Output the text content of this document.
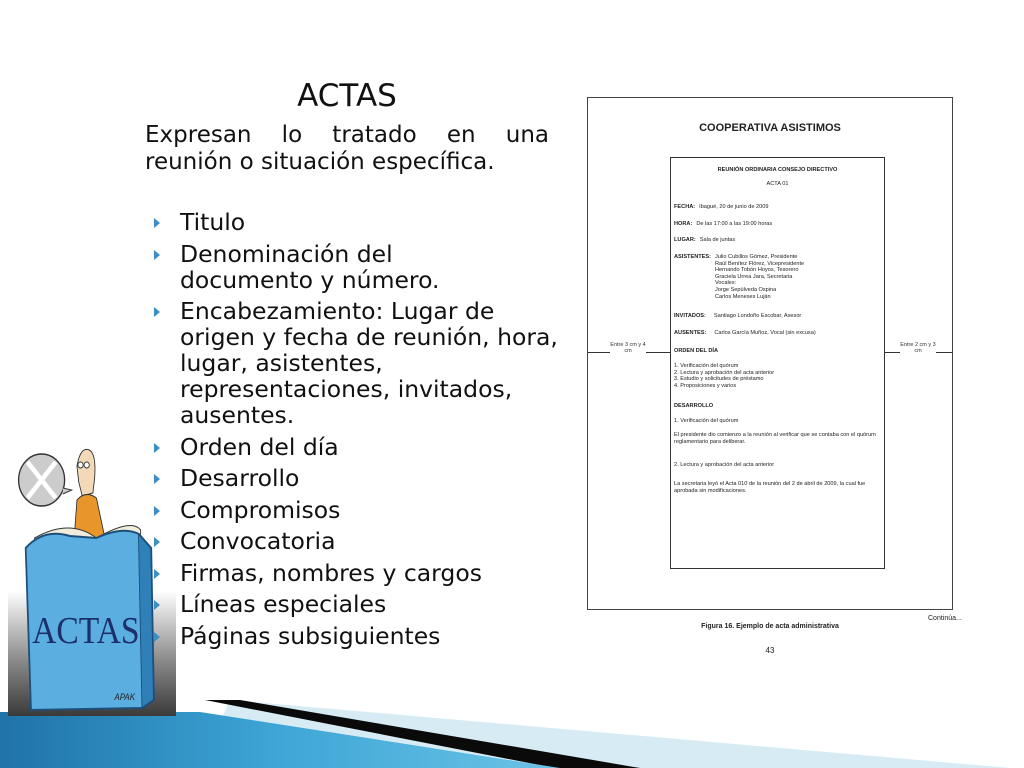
ACTAS
Expresan lo tratado en una
reunión o situación específica.
ACTAS
APAK
Titulo
Denominación del documento y número.
Encabezamiento: Lugar de origen y fecha de reunión, hora, lugar, asistentes, representaciones, invitados, ausentes.
Orden del día
Desarrollo
Compromisos
Convocatoria
Firmas, nombres y cargos
Líneas especiales
Páginas subsiguientes
COOPERATIVA ASISTIMOS
REUNIÓN ORDINARIA CONSEJO DIRECTIVO
ACTA 01
FECHA: Ibagué, 20 de junio de 2009
HORA: De las 17:00 a las 19:00 horas
LUGAR: Sala de juntas
ASISTENTES: Julio Cubillos Gómez, Presidente
Raúl Benítez Flórez, Vicepresidente
Hernando Tobón Hoyos, Tesorero
Graciela Urrea Jara, Secretaria
Vocales:
Jorge Sepúlveda Ospina
Carlos Meneses Luján
INVITADOS: Santiago Londoño Escobar, Asesor
AUSENTES: Carlos García Muñoz, Vocal (sin excusa)
ORDEN DEL DÍA
1. Verificación del quórum
2. Lectura y aprobación del acta anterior
3. Estudio y solicitudes de préstamo
4. Proposiciones y varios
DESARROLLO
1. Verificación del quórum
El presidente dio comienzo a la reunión al verificar que se contaba con el quórum reglamentario para deliberar.
2. Lectura y aprobación del acta anterior
La secretaria leyó el Acta 010 de la reunión del 2 de abril de 2009, la cual fue aprobada sin modificaciones.
Entre 3 cm y 4 cm
Entre 2 cm y 3 cm
Continúa...
Figura 16. Ejemplo de acta administrativa
43
